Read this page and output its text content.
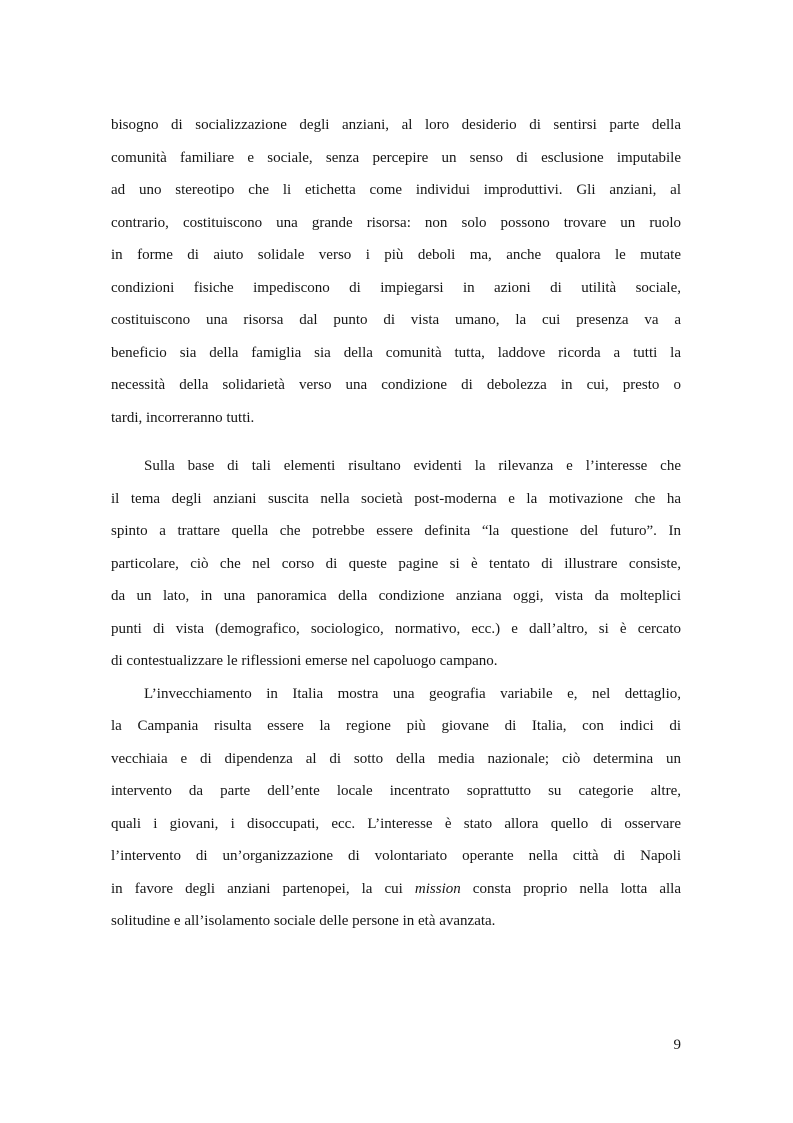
bisogno di socializzazione degli anziani, al loro desiderio di sentirsi parte della
comunità familiare e sociale, senza percepire un senso di esclusione imputabile
ad uno stereotipo che li etichetta come individui improduttivi. Gli anziani, al
contrario, costituiscono una grande risorsa: non solo possono trovare un ruolo
in forme di aiuto solidale verso i più deboli ma, anche qualora le mutate
condizioni fisiche impediscono di impiegarsi in azioni di utilità sociale,
costituiscono una risorsa dal punto di vista umano, la cui presenza va a
beneficio sia della famiglia sia della comunità tutta, laddove ricorda a tutti la
necessità della solidarietà verso una condizione di debolezza in cui, presto o
tardi, incorreranno tutti.
Sulla base di tali elementi risultano evidenti la rilevanza e l’interesse che
il tema degli anziani suscita nella società post-moderna e la motivazione che ha
spinto a trattare quella che potrebbe essere definita “la questione del futuro”. In
particolare, ciò che nel corso di queste pagine si è tentato di illustrare consiste,
da un lato, in una panoramica della condizione anziana oggi, vista da molteplici
punti di vista (demografico, sociologico, normativo, ecc.) e dall’altro, si è cercato
di contestualizzare le riflessioni emerse nel capoluogo campano.
L’invecchiamento in Italia mostra una geografia variabile e, nel dettaglio,
la Campania risulta essere la regione più giovane di Italia, con indici di
vecchiaia e di dipendenza al di sotto della media nazionale; ciò determina un
intervento da parte dell’ente locale incentrato soprattutto su categorie altre,
quali i giovani, i disoccupati, ecc. L’interesse è stato allora quello di osservare
l’intervento di un’organizzazione di volontariato operante nella città di Napoli
in favore degli anziani partenopei, la cui mission consta proprio nella lotta alla
solitudine e all’isolamento sociale delle persone in età avanzata.
9
